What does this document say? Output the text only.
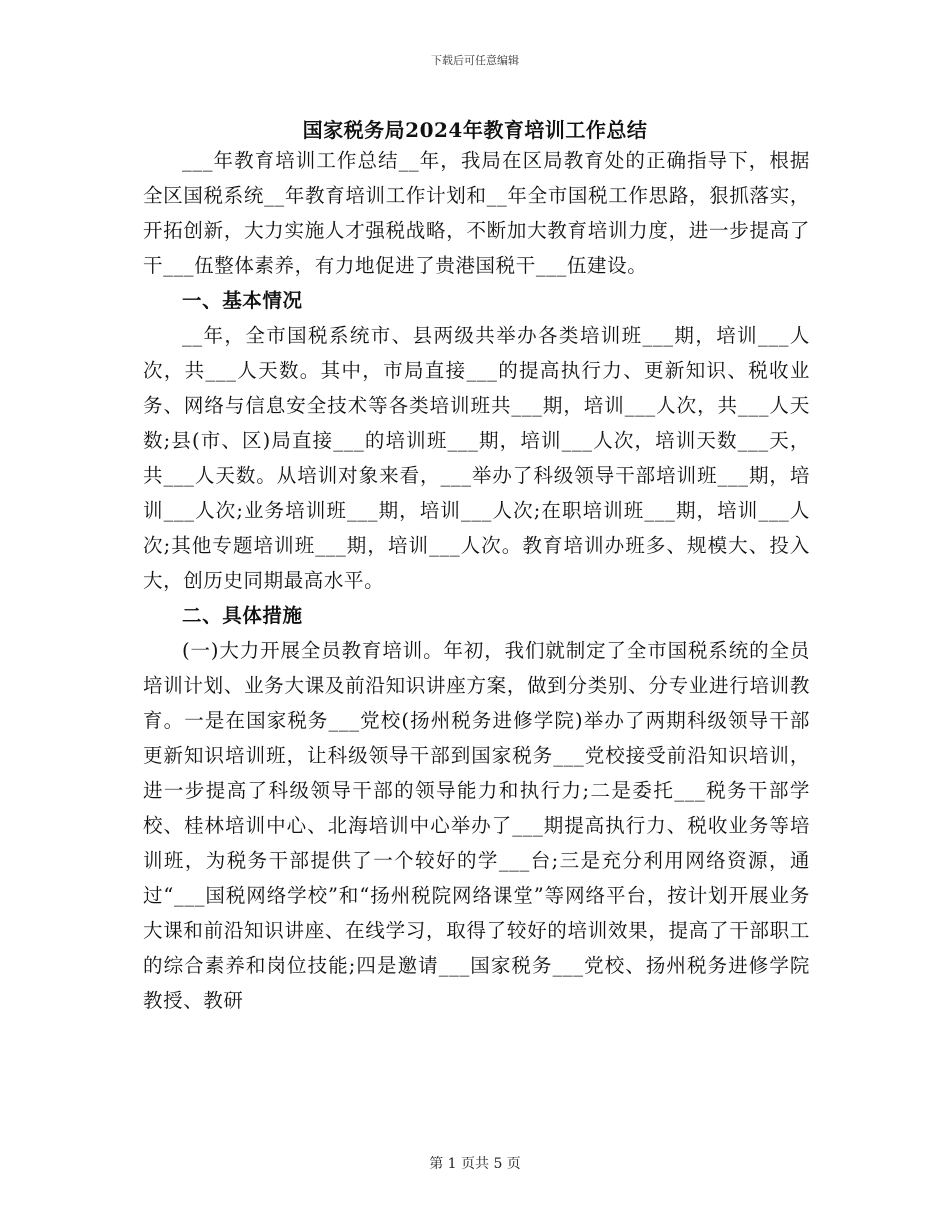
下载后可任意编辑
国家税务局2024年教育培训工作总结

___年教育培训工作总结__年，我局在区局教育处的正确指导下，根据全区国税系统__年教育培训工作计划和__年全市国税工作思路，狠抓落实，开拓创新，大力实施人才强税战略，不断加大教育培训力度，进一步提高了干___伍整体素养，有力地促进了贵港国税干___伍建设。

一、基本情况

__年，全市国税系统市、县两级共举办各类培训班___期，培训___人次，共___人天数。其中，市局直接___的提高执行力、更新知识、税收业务、网络与信息安全技术等各类培训班共___期，培训___人次，共___人天数;县(市、区)局直接___的培训班___期，培训___人次，培训天数___天，共___人天数。从培训对象来看，___举办了科级领导干部培训班___期，培训___人次;业务培训班___期，培训___人次;在职培训班___期，培训___人次;其他专题培训班___期，培训___人次。教育培训办班多、规模大、投入大，创历史同期最高水平。

二、具体措施

(一)大力开展全员教育培训。年初，我们就制定了全市国税系统的全员培训计划、业务大课及前沿知识讲座方案，做到分类别、分专业进行培训教育。一是在国家税务___党校(扬州税务进修学院)举办了两期科级领导干部更新知识培训班，让科级领导干部到国家税务___党校接受前沿知识培训，进一步提高了科级领导干部的领导能力和执行力;二是委托___税务干部学校、桂林培训中心、北海培训中心举办了___期提高执行力、税收业务等培训班，为税务干部提供了一个较好的学___台;三是充分利用网络资源，通过“___国税网络学校”和“扬州税院网络课堂”等网络平台，按计划开展业务大课和前沿知识讲座、在线学习，取得了较好的培训效果，提高了干部职工的综合素养和岗位技能;四是邀请___国家税务___党校、扬州税务进修学院教授、教研

第 1 页共 5 页
